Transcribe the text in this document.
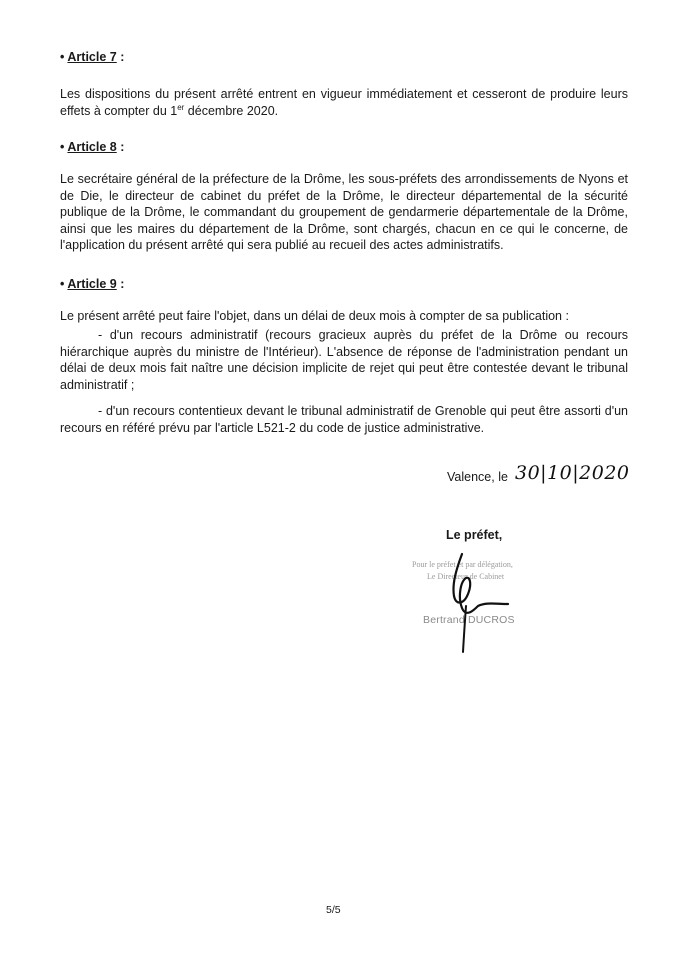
• Article 7 :
Les dispositions du présent arrêté entrent en vigueur immédiatement et cesseront de produire leurs effets à compter du 1er décembre 2020.
• Article 8 :
Le secrétaire général de la préfecture de la Drôme, les sous-préfets des arrondissements de Nyons et de Die, le directeur de cabinet du préfet de la Drôme, le directeur départemental de la sécurité publique de la Drôme, le commandant du groupement de gendarmerie départementale de la Drôme, ainsi que les maires du département de la Drôme, sont chargés, chacun en ce qui le concerne, de l'application du présent arrêté qui sera publié au recueil des actes administratifs.
• Article 9 :
Le présent arrêté peut faire l'objet, dans un délai de deux mois à compter de sa publication :
- d'un recours administratif (recours gracieux auprès du préfet de la Drôme ou recours hiérarchique auprès du ministre de l'Intérieur). L'absence de réponse de l'administration pendant un délai de deux mois fait naître une décision implicite de rejet qui peut être contestée devant le tribunal administratif ;
- d'un recours contentieux devant le tribunal administratif de Grenoble qui peut être assorti d'un recours en référé prévu par l'article L521-2 du code de justice administrative.
Valence, le 30|10|2020
Le préfet,
Pour le préfet et par délégation,
Le Directeur de Cabinet
Bertrand DUCROS
5/5
